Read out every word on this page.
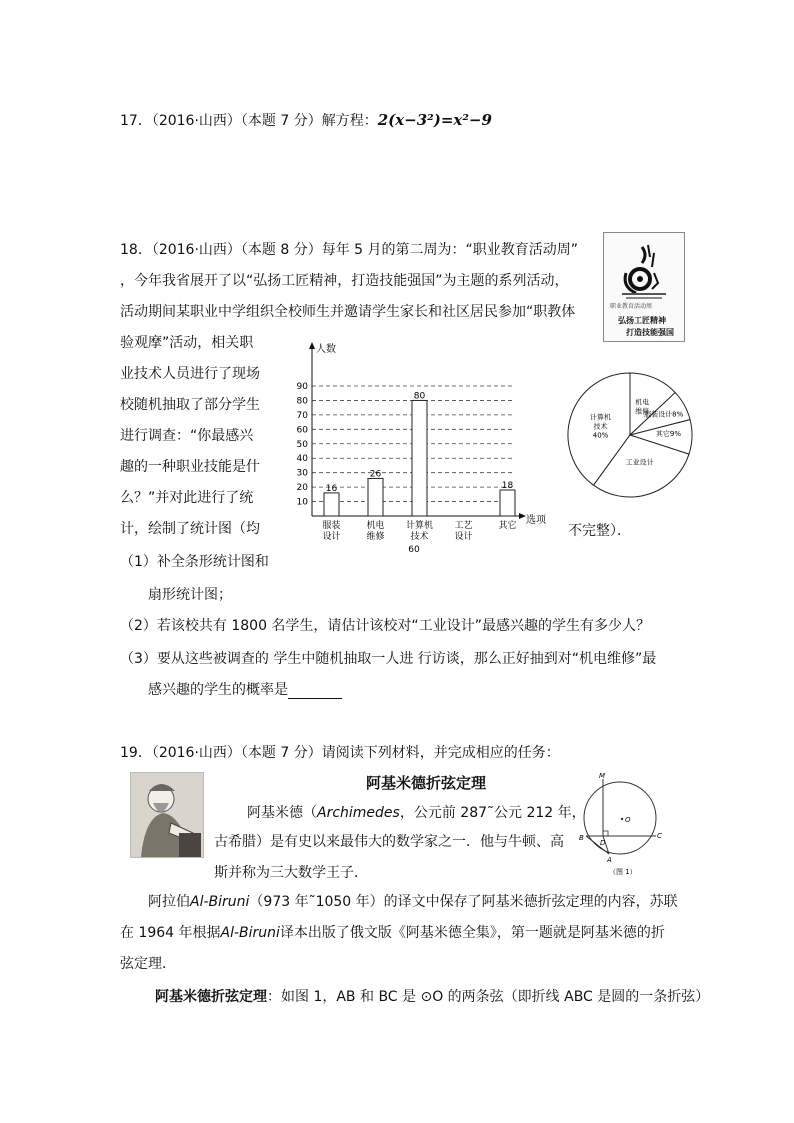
17．（2016·山西）（本题 7 分）解方程：2(x−3²)=x²−9
18．（2016·山西）（本题 8 分）每年 5 月的第二周为：“职业教育活动周”
，今年我省展开了以“弘扬工匠精神，打造技能强国”为主题的系列活动，
活动期间某职业中学组织全校师生并邀请学生家长和社区居民参加“职教体	职业教育活动周
弘扬工匠精神
打造技能强国
验观摩”活动，相关职
业技术人员进行了现场
校随机抽取了部分学生
进行调查：“你最感兴
趣的一种职业技能是什
么？”并对此进行了统
计，绘制了统计图（均	不完整）．
10
20
30
40
50
60
70
80
90
16
服装
设计
26
机电
维修
80
计算机
技术
工艺
设计
18
其它
人数
选项
60
计算机技术 40%
机电维修
服装设计8%
其它9%
工业设计
（1）补全条形统计图和
扇形统计图；
（2）若该校共有 1800 名学生，请估计该校对“工业设计”最感兴趣的学生有多少人？
（3）要从这些被调查的 学生中随机抽取一人进 行访谈，那么正好抽到对“机电维修”最
感兴趣的学生的概率是
19．（2016·山西）（本题 7 分）请阅读下列材料，并完成相应的任务：
阿基米德折弦定理
阿基米德（Archimedes，公元前 287˜公元 212 年，
古希腊）是有史以来最伟大的数学家之一．他与牛顿、高
斯并称为三大数学王子．
M
O
B	C
D
A
（图 1）
阿拉伯Al-Biruni（973 年˜1050 年）的译文中保存了阿基米德折弦定理的内容，苏联
在 1964 年根据Al-Biruni译本出版了俄文版《阿基米德全集》，第一题就是阿基米德的折
弦定理．
阿基米德折弦定理：如图 1，AB 和 BC 是 ⊙O 的两条弦（即折线 ABC 是圆的一条折弦）
